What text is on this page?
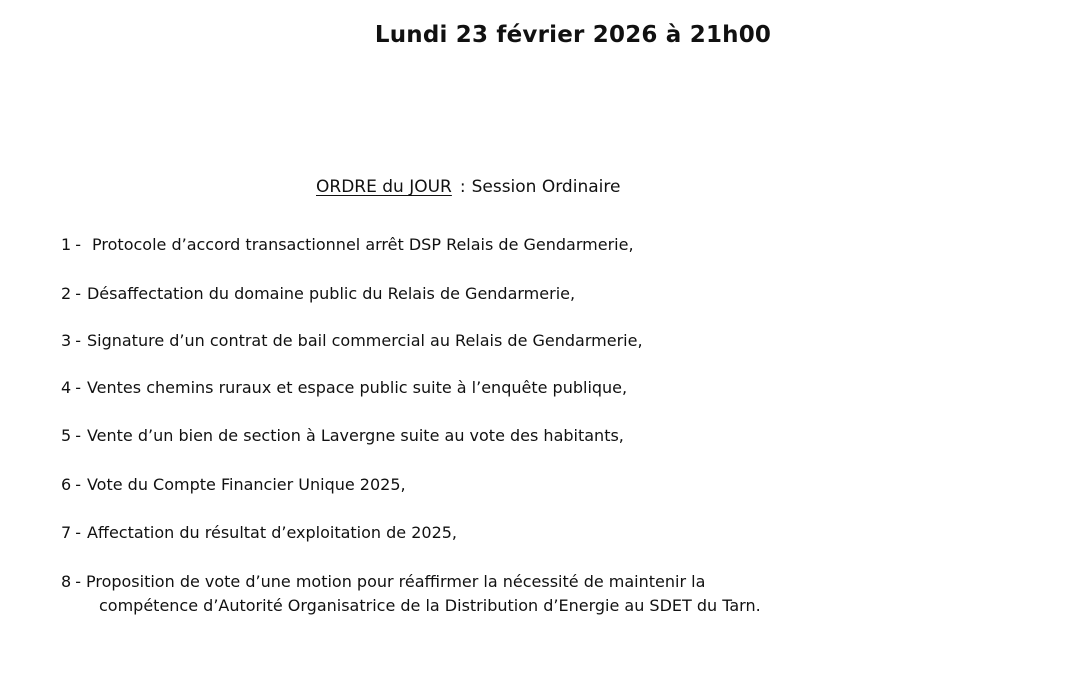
Lundi 23 février 2026 à 21h00
ORDRE du JOUR : Session Ordinaire
1 - Protocole d’accord transactionnel arrêt DSP Relais de Gendarmerie,
2 - Désaffectation du domaine public du Relais de Gendarmerie,
3 - Signature d’un contrat de bail commercial au Relais de Gendarmerie,
4 - Ventes chemins ruraux et espace public suite à l’enquête publique,
5 - Vente d’un bien de section à Lavergne suite au vote des habitants,
6 - Vote du Compte Financier Unique 2025,
7 - Affectation du résultat d’exploitation de 2025,
8 - Proposition de vote d’une motion pour réaffirmer la nécessité de maintenir la
compétence d’Autorité Organisatrice de la Distribution d’Energie au SDET du Tarn.
